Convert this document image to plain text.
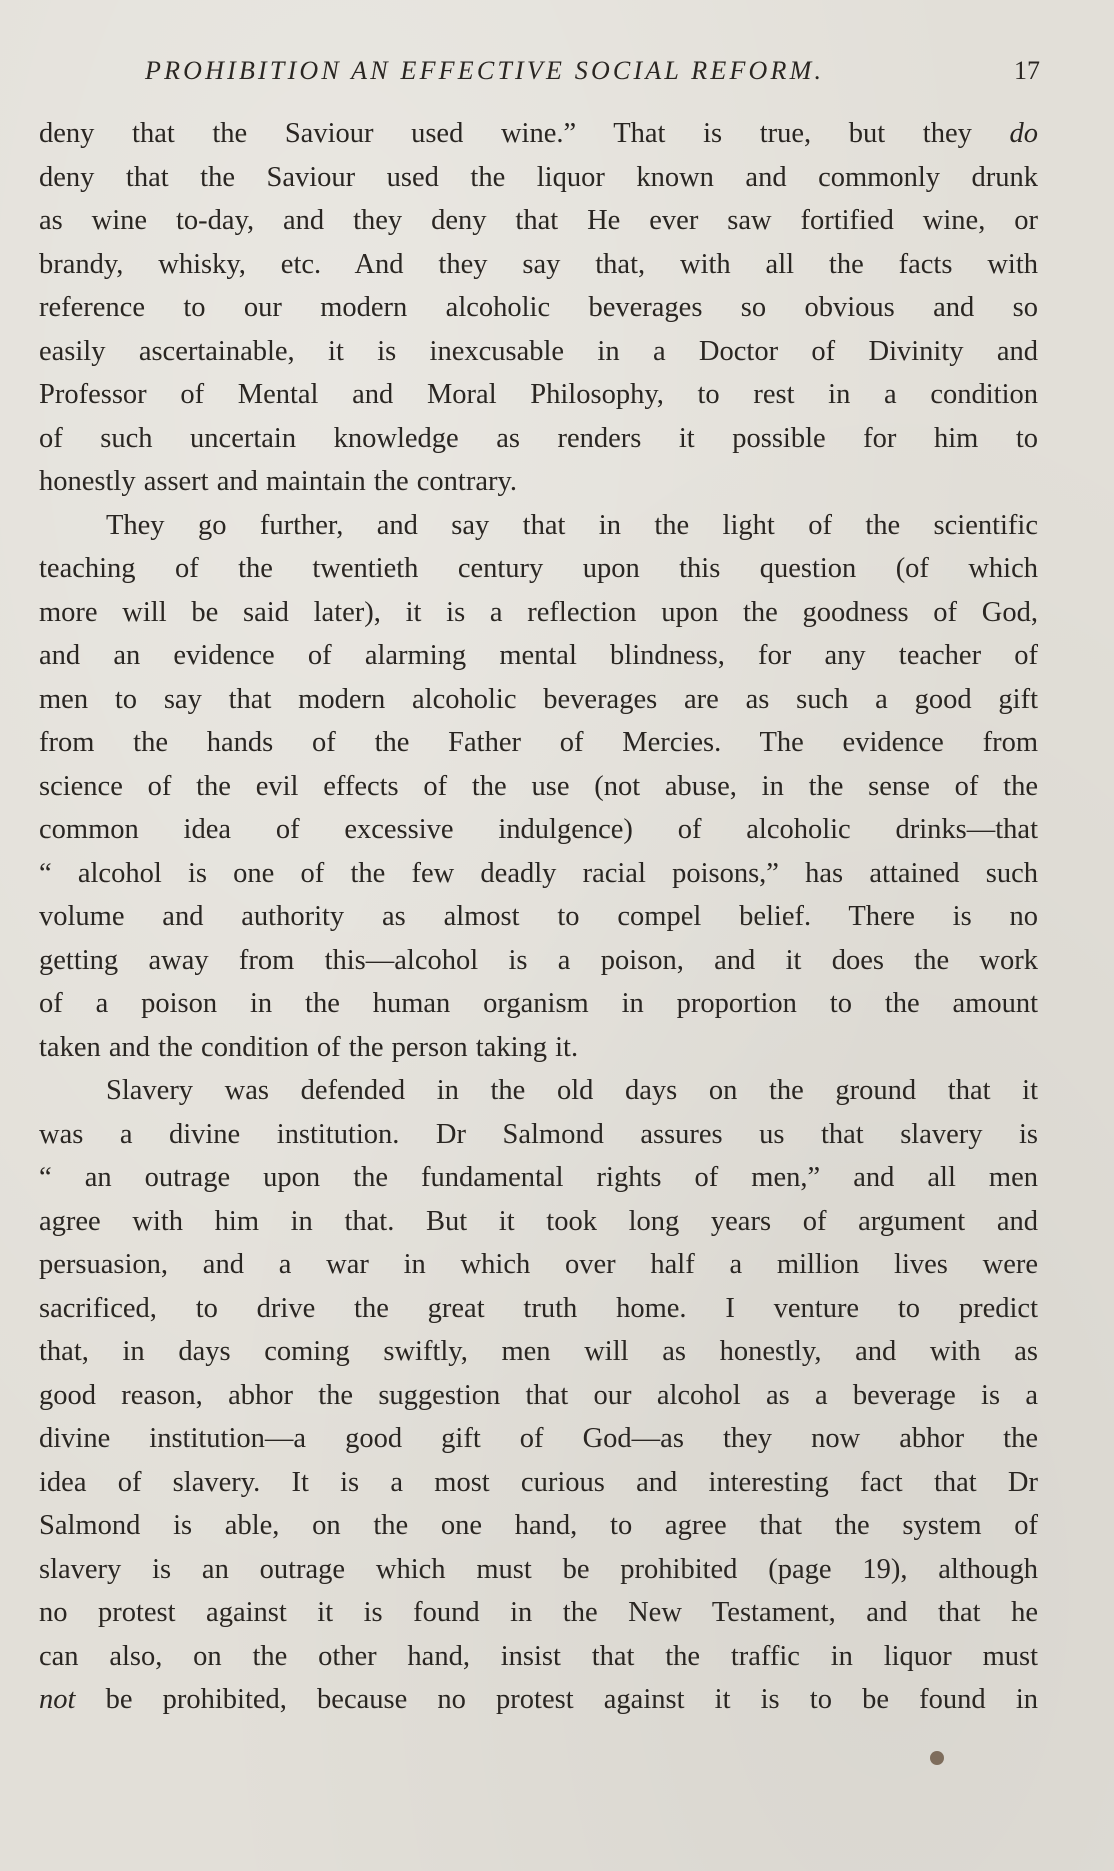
PROHIBITION AN EFFECTIVE SOCIAL REFORM.	17
deny that the Saviour used wine.” That is true, but they do
deny that the Saviour used the liquor known and commonly drunk
as wine to-day, and they deny that He ever saw fortified wine, or
brandy, whisky, etc. And they say that, with all the facts with
reference to our modern alcoholic beverages so obvious and so
easily ascertainable, it is inexcusable in a Doctor of Divinity and
Professor of Mental and Moral Philosophy, to rest in a condition
of such uncertain knowledge as renders it possible for him to
honestly assert and maintain the contrary.
They go further, and say that in the light of the scientific
teaching of the twentieth century upon this question (of which
more will be said later), it is a reflection upon the goodness of God,
and an evidence of alarming mental blindness, for any teacher of
men to say that modern alcoholic beverages are as such a good gift
from the hands of the Father of Mercies. The evidence from
science of the evil effects of the use (not abuse, in the sense of the
common idea of excessive indulgence) of alcoholic drinks—that
“ alcohol is one of the few deadly racial poisons,” has attained such
volume and authority as almost to compel belief. There is no
getting away from this—alcohol is a poison, and it does the work
of a poison in the human organism in proportion to the amount
taken and the condition of the person taking it.
Slavery was defended in the old days on the ground that it
was a divine institution. Dr Salmond assures us that slavery is
“ an outrage upon the fundamental rights of men,” and all men
agree with him in that. But it took long years of argument and
persuasion, and a war in which over half a million lives were
sacrificed, to drive the great truth home. I venture to predict
that, in days coming swiftly, men will as honestly, and with as
good reason, abhor the suggestion that our alcohol as a beverage is a
divine institution—a good gift of God—as they now abhor the
idea of slavery. It is a most curious and interesting fact that Dr
Salmond is able, on the one hand, to agree that the system of
slavery is an outrage which must be prohibited (page 19), although
no protest against it is found in the New Testament, and that he
can also, on the other hand, insist that the traffic in liquor must
not be prohibited, because no protest against it is to be found in
